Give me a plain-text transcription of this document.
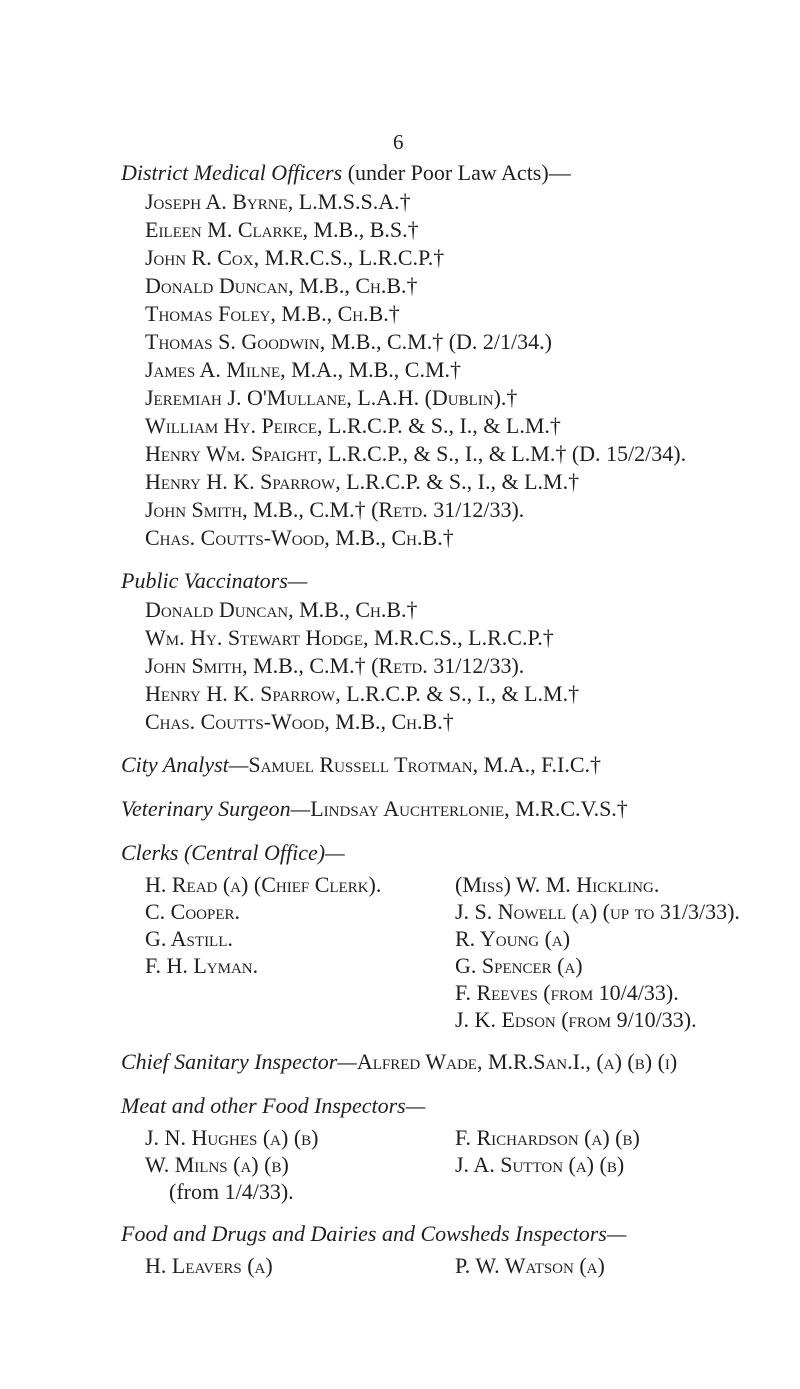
6
District Medical Officers (under Poor Law Acts)—
Joseph A. Byrne, L.M.S.S.A.†
Eileen M. Clarke, M.B., B.S.†
John R. Cox, M.R.C.S., L.R.C.P.†
Donald Duncan, M.B., Ch.B.†
Thomas Foley, M.B., Ch.B.†
Thomas S. Goodwin, M.B., C.M.† (D. 2/1/34.)
James A. Milne, M.A., M.B., C.M.†
Jeremiah J. O'Mullane, L.A.H. (Dublin).†
William Hy. Peirce, L.R.C.P. & S., I., & L.M.†
Henry Wm. Spaight, L.R.C.P., & S., I., & L.M.† (D. 15/2/34).
Henry H. K. Sparrow, L.R.C.P. & S., I., & L.M.†
John Smith, M.B., C.M.† (Retd. 31/12/33).
Chas. Coutts-Wood, M.B., Ch.B.†
Public Vaccinators—
Donald Duncan, M.B., Ch.B.†
Wm. Hy. Stewart Hodge, M.R.C.S., L.R.C.P.†
John Smith, M.B., C.M.† (Retd. 31/12/33).
Henry H. K. Sparrow, L.R.C.P. & S., I., & L.M.†
Chas. Coutts-Wood, M.B., Ch.B.†
City Analyst—Samuel Russell Trotman, M.A., F.I.C.†
Veterinary Surgeon—Lindsay Auchterlonie, M.R.C.V.S.†
Clerks (Central Office)—
H. Read (a) (Chief Clerk).
C. Cooper.
G. Astill.
F. H. Lyman.
(Miss) W. M. Hickling.
J. S. Nowell (a) (up to 31/3/33).
R. Young (a)
G. Spencer (a)
F. Reeves (from 10/4/33).
J. K. Edson (from 9/10/33).
Chief Sanitary Inspector—Alfred Wade, M.R.San.I., (a) (b) (i)
Meat and other Food Inspectors—
J. N. Hughes (a) (b)
W. Milns (a) (b)
(from 1/4/33).
F. Richardson (a) (b)
J. A. Sutton (a) (b)
Food and Drugs and Dairies and Cowsheds Inspectors—
H. Leavers (a)	P. W. Watson (a)
